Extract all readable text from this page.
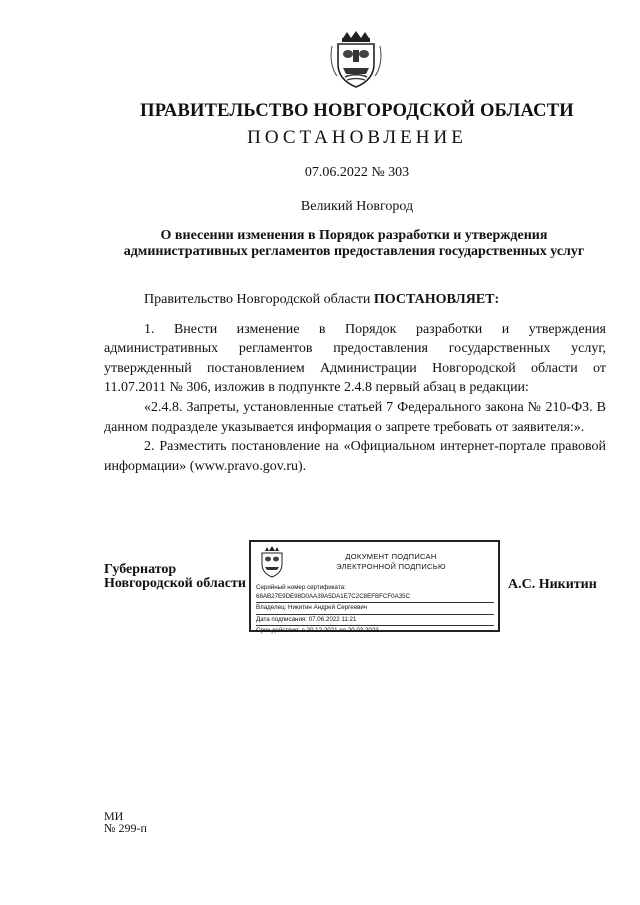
ПРАВИТЕЛЬСТВО НОВГОРОДСКОЙ ОБЛАСТИ
ПОСТАНОВЛЕНИЕ
07.06.2022 № 303
Великий Новгород
О внесении изменения в Порядок разработки и утверждения
административных регламентов предоставления государственных услуг

Правительство Новгородской области ПОСТАНОВЛЯЕТ:

1. Внести изменение в Порядок разработки и утверждения административных регламентов предоставления государственных услуг, утвержденный постановлением Администрации Новгородской области от 11.07.2011 № 306, изложив в подпункте 2.4.8 первый абзац в редакции:

«2.4.8. Запреты, установленные статьей 7 Федерального закона № 210-ФЗ. В данном подразделе указывается информация о запрете требовать от заявителя:».

2. Разместить постановление на «Официальном интернет-портале правовой информации» (www.pravo.gov.ru).

Губернатор
Новгородской области
ДОКУМЕНТ ПОДПИСАН
ЭЛЕКТРОННОЙ ПОДПИСЬЮ
Серийный номер сертификата:
68AB27E9DE98D0AA39A5DA1E7C2C8EFBFCF0A35C
Владелец: Никитин Андрей Сергеевич
Дата подписания: 07.06.2022 11:21
Срок действия: с 20.12.2021 по 20.03.2023
А.С. Никитин
МИ
№ 299-п
